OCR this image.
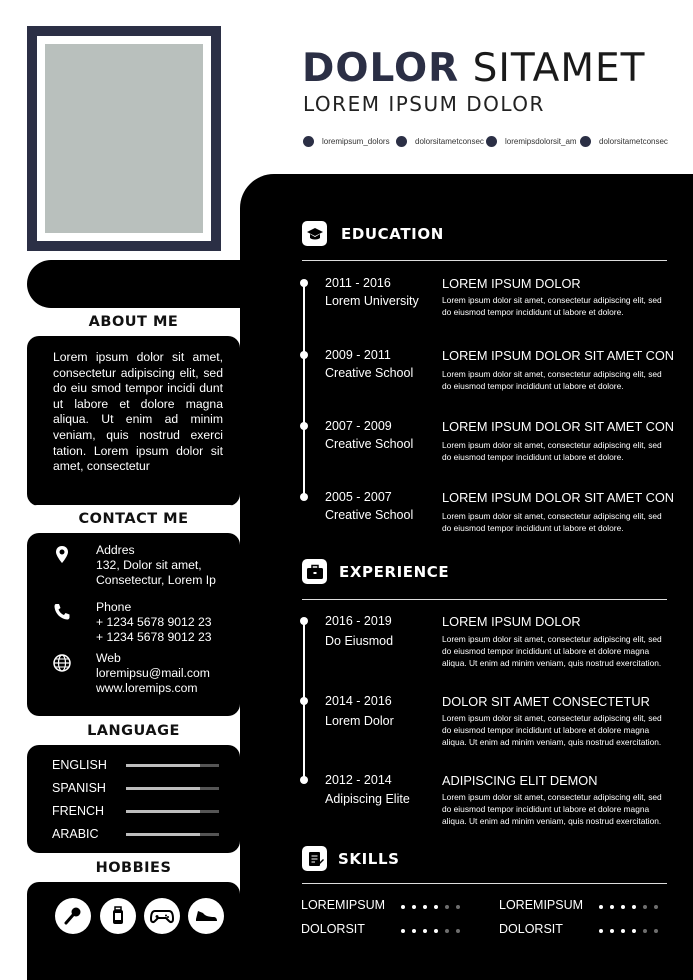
DOLOR SITAMET
LOREM IPSUM DOLOR
loremipsum_dolors	dolorsitametconsec	loremipsdolorsit_am	dolorsitametconsec
ABOUT ME
Lorem ipsum dolor sit amet, consectetur adipiscing elit, sed do eiu smod tempor incidi dunt ut labore et dolore magna aliqua. Ut enim ad minim veniam, quis nostrud exerci tation. Lorem ipsum dolor sit amet, consectetur
CONTACT ME
Addres
132, Dolor sit amet,
Consetectur, Lorem Ip
Phone
+ 1234 5678 9012 23
+ 1234 5678 9012 23
Web
loremipsu@mail.com
www.loremips.com
LANGUAGE
ENGLISH
SPANISH
FRENCH
ARABIC
HOBBIES
EDUCATION
2011 - 2016
Lorem University
LOREM IPSUM DOLOR
Lorem ipsum dolor sit amet, consectetur adipiscing elit, sed do eiusmod tempor incididunt ut labore et dolore.
2009 - 2011
Creative School
LOREM IPSUM DOLOR SIT AMET CON
Lorem ipsum dolor sit amet, consectetur adipiscing elit, sed do eiusmod tempor incididunt ut labore et dolore.
2007 - 2009
Creative School
LOREM IPSUM DOLOR SIT AMET CON
Lorem ipsum dolor sit amet, consectetur adipiscing elit, sed do eiusmod tempor incididunt ut labore et dolore.
2005 - 2007
Creative School
LOREM IPSUM DOLOR SIT AMET CON
Lorem ipsum dolor sit amet, consectetur adipiscing elit, sed do eiusmod tempor incididunt ut labore et dolore.
EXPERIENCE
2016 - 2019
Do Eiusmod
LOREM IPSUM DOLOR
Lorem ipsum dolor sit amet, consectetur adipiscing elit, sed do eiusmod tempor incididunt ut labore et dolore magna aliqua. Ut enim ad minim veniam, quis nostrud exercitation.
2014 - 2016
Lorem Dolor
DOLOR SIT AMET CONSECTETUR
Lorem ipsum dolor sit amet, consectetur adipiscing elit, sed do eiusmod tempor incididunt ut labore et dolore magna aliqua. Ut enim ad minim veniam, quis nostrud exercitation.
2012 - 2014
Adipiscing Elite
ADIPISCING ELIT DEMON
Lorem ipsum dolor sit amet, consectetur adipiscing elit, sed do eiusmod tempor incididunt ut labore et dolore magna aliqua. Ut enim ad minim veniam, quis nostrud exercitation.
SKILLS
LOREMIPSUM
DOLORSIT
LOREMIPSUM
DOLORSIT
